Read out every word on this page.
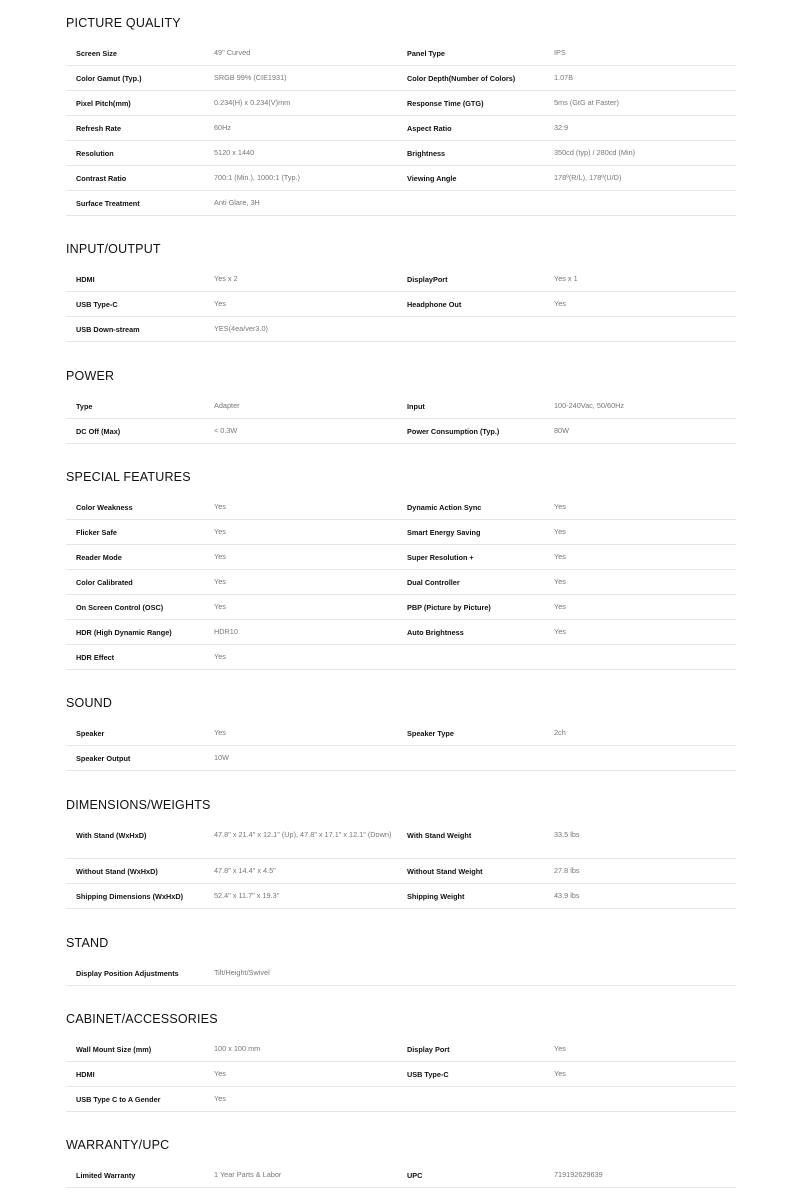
PICTURE QUALITY
Screen Size	49" Curved	Panel Type	IPS
Color Gamut (Typ.)	SRGB 99% (CIE1931)	Color Depth(Number of Colors)	1.07B
Pixel Pitch(mm)	0.234(H) x 0.234(V)mm	Response Time (GTG)	5ms (GtG at Faster)
Refresh Rate	60Hz	Aspect Ratio	32:9
Resolution	5120 x 1440	Brightness	350cd (typ) / 280cd (Min)
Contrast Ratio	700:1 (Min.), 1000:1 (Typ.)	Viewing Angle	178º(R/L), 178º(U/D)
Surface Treatment	Anti Glare, 3H
INPUT/OUTPUT
HDMI	Yes x 2	DisplayPort	Yes x 1
USB Type-C	Yes	Headphone Out	Yes
USB Down-stream	YES(4ea/ver3.0)
POWER
Type	Adapter	Input	100-240Vac, 50/60Hz
DC Off (Max)	< 0.3W	Power Consumption (Typ.)	80W
SPECIAL FEATURES
Color Weakness	Yes	Dynamic Action Sync	Yes
Flicker Safe	Yes	Smart Energy Saving	Yes
Reader Mode	Yes	Super Resolution +	Yes
Color Calibrated	Yes	Dual Controller	Yes
On Screen Control (OSC)	Yes	PBP (Picture by Picture)	Yes
HDR (High Dynamic Range)	HDR10	Auto Brightness	Yes
HDR Effect	Yes
SOUND
Speaker	Yes	Speaker Type	2ch
Speaker Output	10W
DIMENSIONS/WEIGHTS
With Stand (WxHxD)	47.8" x 21.4" x 12.1" (Up), 47.8" x 17.1" x 12.1" (Down)	With Stand Weight	33.5 lbs
Without Stand (WxHxD)	47.8" x 14.4" x 4.5"	Without Stand Weight	27.8 lbs
Shipping Dimensions (WxHxD)	52.4" x 11.7" x 19.3"	Shipping Weight	43.9 lbs
STAND
Display Position Adjustments	Tilt/Height/Swivel
CABINET/ACCESSORIES
Wall Mount Size (mm)	100 x 100 mm	Display Port	Yes
HDMI	Yes	USB Type-C	Yes
USB Type C to A Gender	Yes
WARRANTY/UPC
Limited Warranty	1 Year Parts & Labor	UPC	719192629639
